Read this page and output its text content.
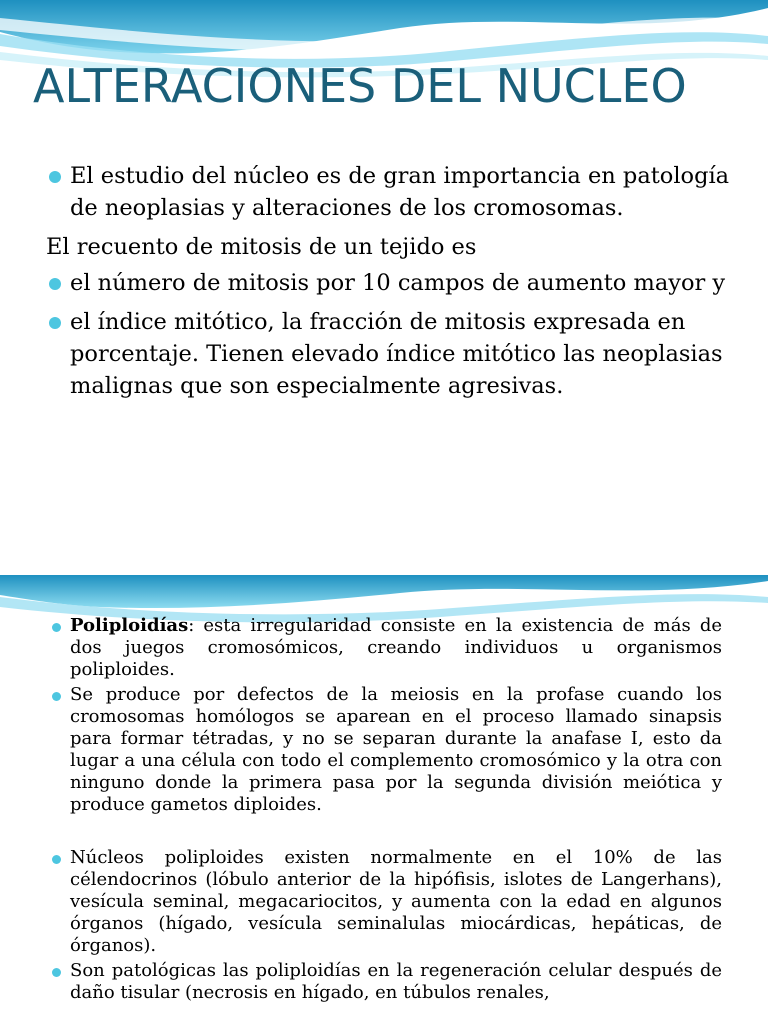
ALTERACIONES DEL NUCLEO
El estudio del núcleo es de gran importancia en patología de neoplasias y alteraciones de los cromosomas.
El recuento de mitosis de un tejido es
el número de mitosis por 10 campos de aumento mayor y
el índice mitótico, la fracción de mitosis expresada en porcentaje. Tienen elevado índice mitótico las neoplasias malignas que son especialmente agresivas.
Poliploidías: esta irregularidad consiste en la existencia de más de dos juegos cromosómicos, creando individuos u organismos poliploides.
Se produce por defectos de la meiosis en la profase cuando los cromosomas homólogos se aparean en el proceso llamado sinapsis para formar tétradas, y no se separan durante la anafase I, esto da lugar a una célula con todo el complemento cromosómico y la otra con ninguno donde la primera pasa por la segunda división meiótica y produce gametos diploides.
Núcleos poliploides existen normalmente en el 10% de las célendocrinos (lóbulo anterior de la hipófisis, islotes de Langerhans), vesícula seminal, megacariocitos, y aumenta con la edad en algunos órganos (hígado, vesícula seminalulas miocárdicas, hepáticas, de órganos).
Son patológicas las poliploidías en la regeneración celular después de daño tisular (necrosis en hígado, en túbulos renales,
